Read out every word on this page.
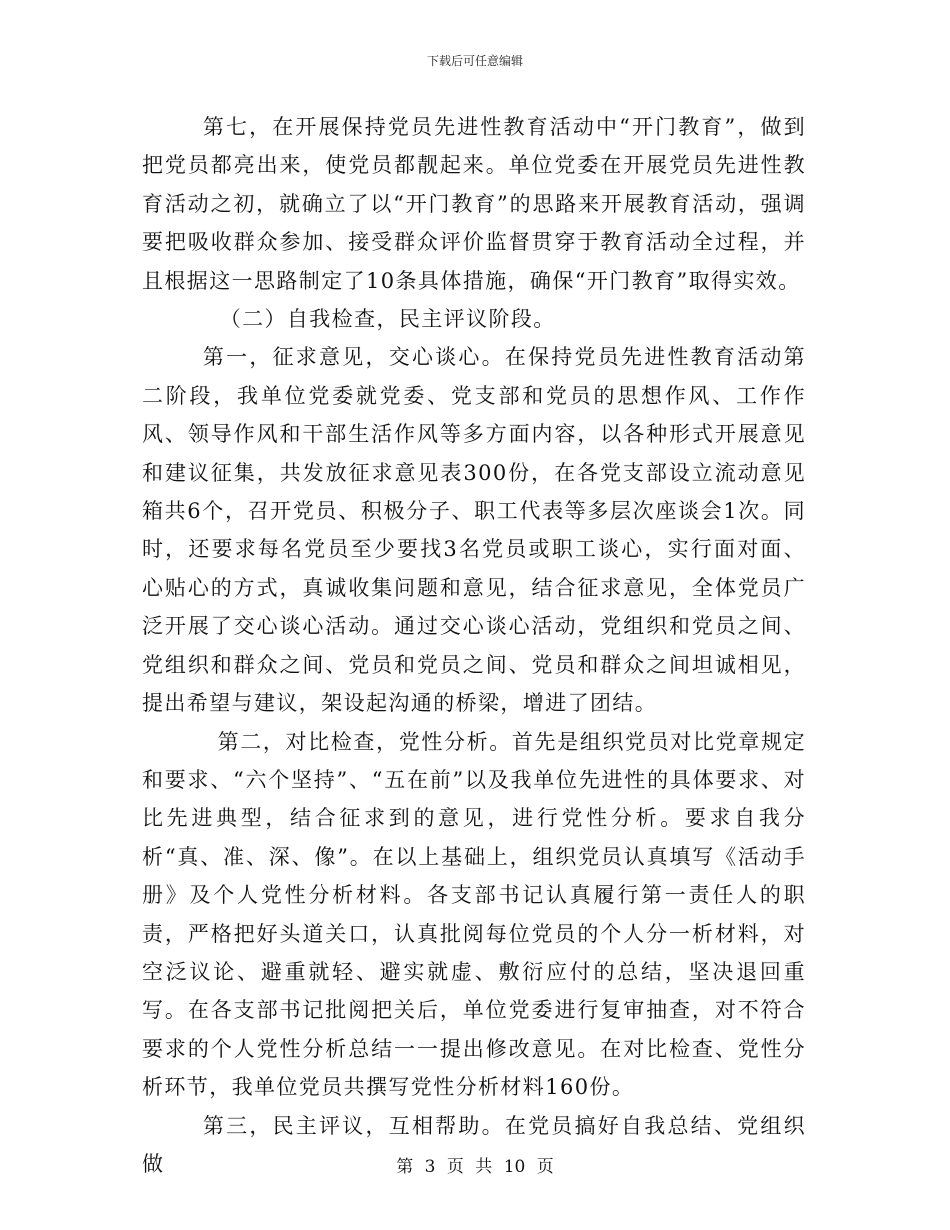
下载后可任意编辑

第七，在开展保持党员先进性教育活动中“开门教育”，做到把党员都亮出来，使党员都靓起来。单位党委在开展党员先进性教育活动之初，就确立了以“开门教育”的思路来开展教育活动，强调要把吸收群众参加、接受群众评价监督贯穿于教育活动全过程，并且根据这一思路制定了10条具体措施，确保“开门教育”取得实效。

（二）自我检查，民主评议阶段。

第一，征求意见，交心谈心。在保持党员先进性教育活动第二阶段，我单位党委就党委、党支部和党员的思想作风、工作作风、领导作风和干部生活作风等多方面内容，以各种形式开展意见和建议征集，共发放征求意见表300份，在各党支部设立流动意见箱共6个，召开党员、积极分子、职工代表等多层次座谈会1次。同时，还要求每名党员至少要找3名党员或职工谈心，实行面对面、心贴心的方式，真诚收集问题和意见，结合征求意见，全体党员广泛开展了交心谈心活动。通过交心谈心活动，党组织和党员之间、党组织和群众之间、党员和党员之间、党员和群众之间坦诚相见，提出希望与建议，架设起沟通的桥梁，增进了团结。

第二，对比检查，党性分析。首先是组织党员对比党章规定和要求、“六个坚持”、“五在前”以及我单位先进性的具体要求、对比先进典型，结合征求到的意见，进行党性分析。要求自我分析“真、准、深、像”。在以上基础上，组织党员认真填写《活动手册》及个人党性分析材料。各支部书记认真履行第一责任人的职责，严格把好头道关口，认真批阅每位党员的个人分一析材料，对空泛议论、避重就轻、避实就虚、敷衍应付的总结，坚决退回重写。在各支部书记批阅把关后，单位党委进行复审抽查，对不符合要求的个人党性分析总结一一提出修改意见。在对比检查、党性分析环节，我单位党员共撰写党性分析材料160份。

第三，民主评议，互相帮助。在党员搞好自我总结、党组织做	第 3 页 共 10 页
